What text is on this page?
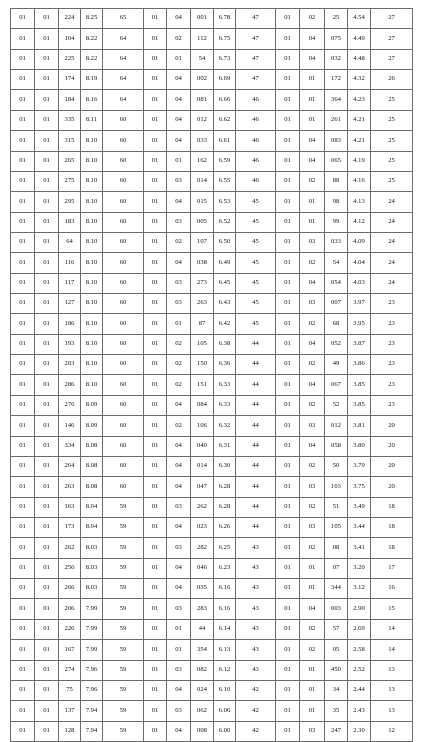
01	01	224	8.25	65	01	04	001	6.78	47	01	02	25	4.54	27
01	01	104	8.22	64	01	02	112	6.75	47	01	04	075	4.49	27
01	01	225	8.22	64	01	01	54	6.73	47	01	04	032	4.48	27
01	01	174	8.19	64	01	04	002	6.69	47	01	01	172	4.32	26
01	01	184	8.16	64	01	04	081	6.66	46	01	01	364	4.23	25
01	01	335	8.11	60	01	04	012	6.62	46	01	01	261	4.21	25
01	01	315	8.10	60	01	04	033	6.61	46	01	04	083	4.21	25
01	01	265	8.10	60	01	01	162	6.59	46	01	04	065	4.19	25
01	01	275	8.10	60	01	03	014	6.55	46	01	02	88	4.16	25
01	01	295	8.10	60	01	04	015	6.53	45	01	01	98	4.13	24
01	01	183	8.10	60	01	03	005	6.52	45	01	01	99	4.12	24
01	01	64	8.10	60	01	02	107	6.50	45	01	03	033	4.09	24
01	01	116	8.10	60	01	04	038	6.49	45	01	02	54	4.04	24
01	01	117	8.10	60	01	03	273	6.45	45	01	04	054	4.03	24
01	01	127	8.10	60	01	03	263	6.43	45	01	03	007	3.97	23
01	01	186	8.10	60	01	01	87	6.42	45	01	02	68	3.95	23
01	01	193	8.10	60	01	02	105	6.38	44	01	04	052	3.87	23
01	01	203	8.10	60	01	02	150	6.36	44	01	02	49	3.86	23
01	01	286	8.10	60	01	02	151	6.33	44	01	04	067	3.85	23
01	01	276	8.09	60	01	04	084	6.33	44	01	02	52	3.85	23
01	01	146	8.09	60	01	02	106	6.32	44	01	03	012	3.81	20
01	01	334	8.08	60	01	04	040	6.31	44	01	04	058	3.80	20
01	01	264	8.08	60	01	04	014	6.30	44	01	02	50	3.79	20
01	01	263	8.08	60	01	04	047	6.28	44	01	03	103	3.75	20
01	01	163	8.04	59	01	03	262	6.28	44	01	02	51	3.49	18
01	01	173	8.04	59	01	04	023	6.26	44	01	03	105	3.44	18
01	01	262	8.03	59	01	03	282	6.25	43	01	02	08	3.41	18
01	01	256	8.03	59	01	04	046	6.23	43	01	01	07	3.20	17
01	01	266	8.03	59	01	04	035	6.16	43	01	01	344	3.12	16
01	01	206	7.99	59	01	03	283	6.16	43	01	04	003	2.90	15
01	01	226	7.99	59	01	01	44	6.14	43	01	02	57	2.69	14
01	01	167	7.99	59	01	01	354	6.13	43	01	02	05	2.58	14
01	01	274	7.96	59	01	03	082	6.12	43	01	01	450	2.52	13
01	01	75	7.96	59	01	04	024	6.10	42	01	01	34	2.44	13
01	01	137	7.94	59	01	03	062	6.06	42	01	01	35	2.43	13
01	01	128	7.94	59	01	04	008	6.00	42	01	03	247	2.30	12
